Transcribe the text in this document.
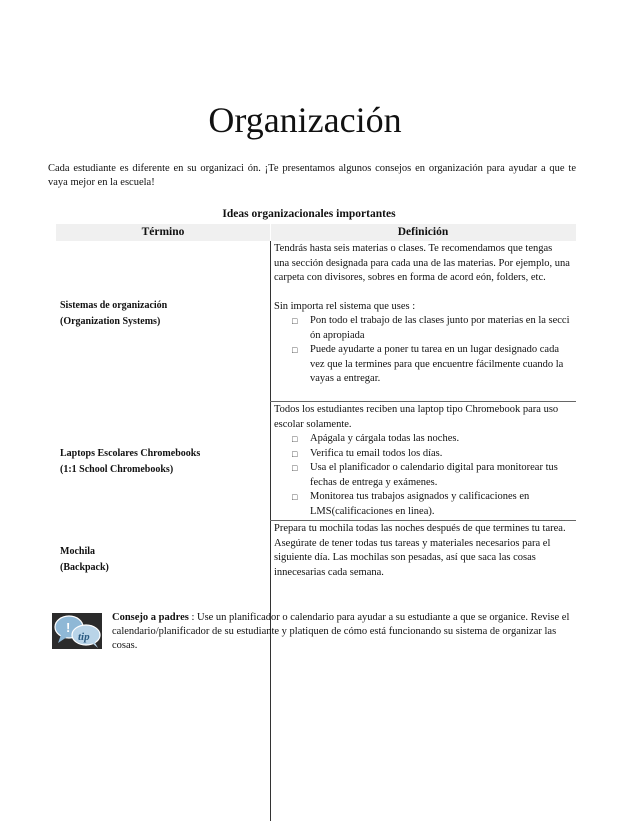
Organización
Cada estudiante es diferente en su organizaci ón. ¡Te presentamos algunos consejos en organización para ayudar a que te vaya mejor en la escuela!
Ideas organizacionales importantes
Término	Definición
Sistemas de organización
(Organization Systems)

Tendrás hasta seis materias o clases. Te recomendamos que tengas una sección designada para cada una de las materias. Por ejemplo, una carpeta con divisores, sobres en forma de acord eón, folders, etc.

Sin importa rel sistema que uses :

□ Pon todo el trabajo de las clases junto por materias en la secci ón apropiada
□ Puede ayudarte a poner tu tarea en un lugar designado cada vez que la termines para que encuentre fácilmente cuando la vayas a entregar.
Laptops Escolares Chromebooks
(1:1 School Chromebooks)

Todos los estudiantes reciben una laptop tipo Chromebook para uso escolar solamente.

□ Apágala y cárgala todas las noches.
□ Verifica tu email todos los días.
□ Usa el planificador o calendario digital para monitorear tus fechas de entrega y exámenes.
□ Monitorea tus trabajos asignados y calificaciones en LMS(calificaciones en linea).
Mochila
(Backpack)

Prepara tu mochila todas las noches después de que termines tu tarea. Asegúrate de tener todas tus tareas y materiales necesarios para el siguiente día. Las mochilas son pesadas, así que saca las cosas innecesarias cada semana.

!
tip
Consejo a padres : Use un planificador o calendario para ayudar a su estudiante a que se organice. Revise el calendario/planificador de su estudiante y platiquen de cómo está funcionando su sistema de organizar las cosas.
